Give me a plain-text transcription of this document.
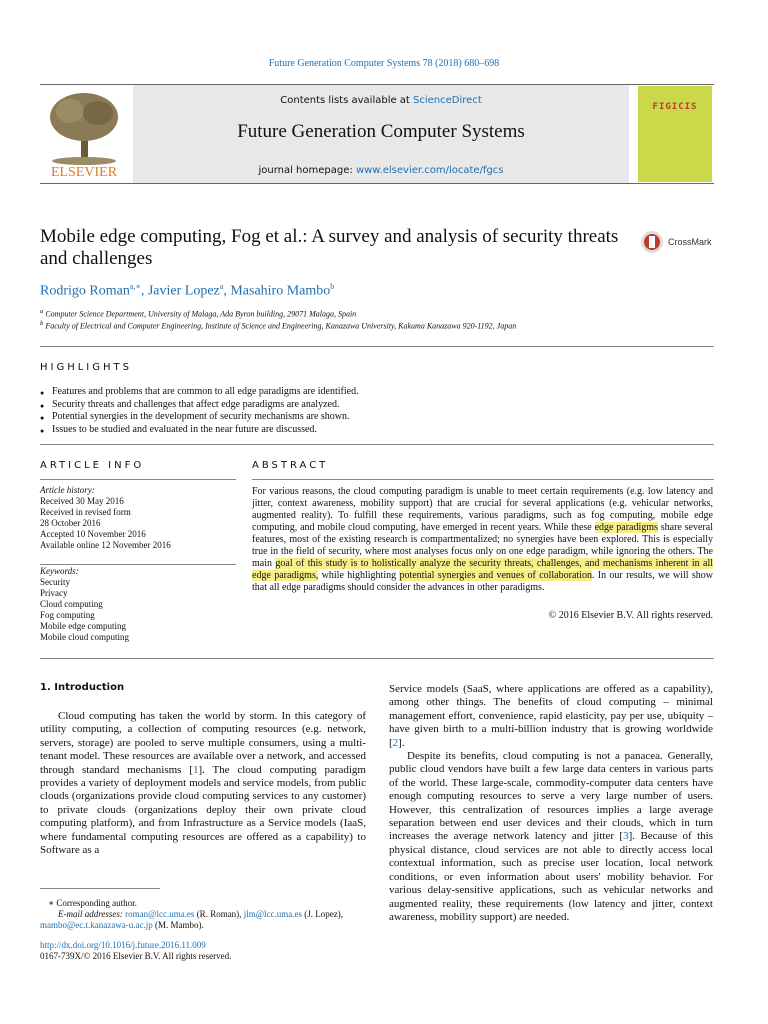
Future Generation Computer Systems 78 (2018) 680–698
ELSEVIER
Contents lists available at ScienceDirect
Future Generation Computer Systems
journal homepage: www.elsevier.com/locate/fgcs
FIGICIS
Mobile edge computing, Fog et al.: A survey and analysis of security threats and challenges
CrossMark
Rodrigo Roman$^{a,∗}$, Javier Lopez$^a$, Masahiro Mambo$^b$
$^a$ Computer Science Department, University of Malaga, Ada Byron building, 29071 Malaga, Spain
$^b$ Faculty of Electrical and Computer Engineering, Institute of Science and Engineering, Kanazawa University, Kakuma Kanazawa 920-1192, Japan
HIGHLIGHTS
● Features and problems that are common to all edge paradigms are identified.
● Security threats and challenges that affect edge paradigms are analyzed.
● Potential synergies in the development of security mechanisms are shown.
● Issues to be studied and evaluated in the near future are discussed.
ARTICLE INFO	ABSTRACT
Article history:
Received 30 May 2016
Received in revised form
28 October 2016
Accepted 10 November 2016
Available online 12 November 2016
Keywords:
Security
Privacy
Cloud computing
Fog computing
Mobile edge computing
Mobile cloud computing
For various reasons, the cloud computing paradigm is unable to meet certain requirements (e.g. low latency and jitter, context awareness, mobility support) that are crucial for several applications (e.g. vehicular networks, augmented reality). To fulfill these requirements, various paradigms, such as fog computing, mobile edge computing, and mobile cloud computing, have emerged in recent years. While these edge paradigms share several features, most of the existing research is compartmentalized; no synergies have been explored. This is especially true in the field of security, where most analyses focus only on one edge paradigm, while ignoring the others. The main goal of this study is to holistically analyze the security threats, challenges, and mechanisms inherent in all edge paradigms, while highlighting potential synergies and venues of collaboration. In our results, we will show that all edge paradigms should consider the advances in other paradigms.
© 2016 Elsevier B.V. All rights reserved.
1. Introduction
Cloud computing has taken the world by storm. In this category of utility computing, a collection of computing resources (e.g. network, servers, storage) are pooled to serve multiple consumers, using a multi-tenant model. These resources are available over a network, and accessed through standard mechanisms [1]. The cloud computing paradigm provides a variety of deployment models and service models, from public clouds (organizations provide cloud computing services to any customer) to private clouds (organizations deploy their own private cloud computing platform), and from Infrastructure as a Service models (IaaS, where fundamental computing resources are offered as a capability) to Software as a
Service models (SaaS, where applications are offered as a capability), among other things. The benefits of cloud computing – minimal management effort, convenience, rapid elasticity, pay per use, ubiquity – have given birth to a multi-billion industry that is growing worldwide [2].
Despite its benefits, cloud computing is not a panacea. Generally, public cloud vendors have built a few large data centers in various parts of the world. These large-scale, commodity-computer data centers have enough computing resources to serve a very large number of users. However, this centralization of resources implies a large average separation between end user devices and their clouds, which in turn increases the average network latency and jitter [3]. Because of this physical distance, cloud services are not able to directly access local contextual information, such as precise user location, local network conditions, or even information about users' mobility behavior. For various delay-sensitive applications, such as vehicular networks and augmented reality, these requirements (low latency and jitter, context awareness, mobility support) are needed.
∗ Corresponding author.
E-mail addresses: roman@lcc.uma.es (R. Roman), jlm@lcc.uma.es (J. Lopez),
mambo@ec.t.kanazawa-u.ac.jp (M. Mambo).
http://dx.doi.org/10.1016/j.future.2016.11.009
0167-739X/© 2016 Elsevier B.V. All rights reserved.
